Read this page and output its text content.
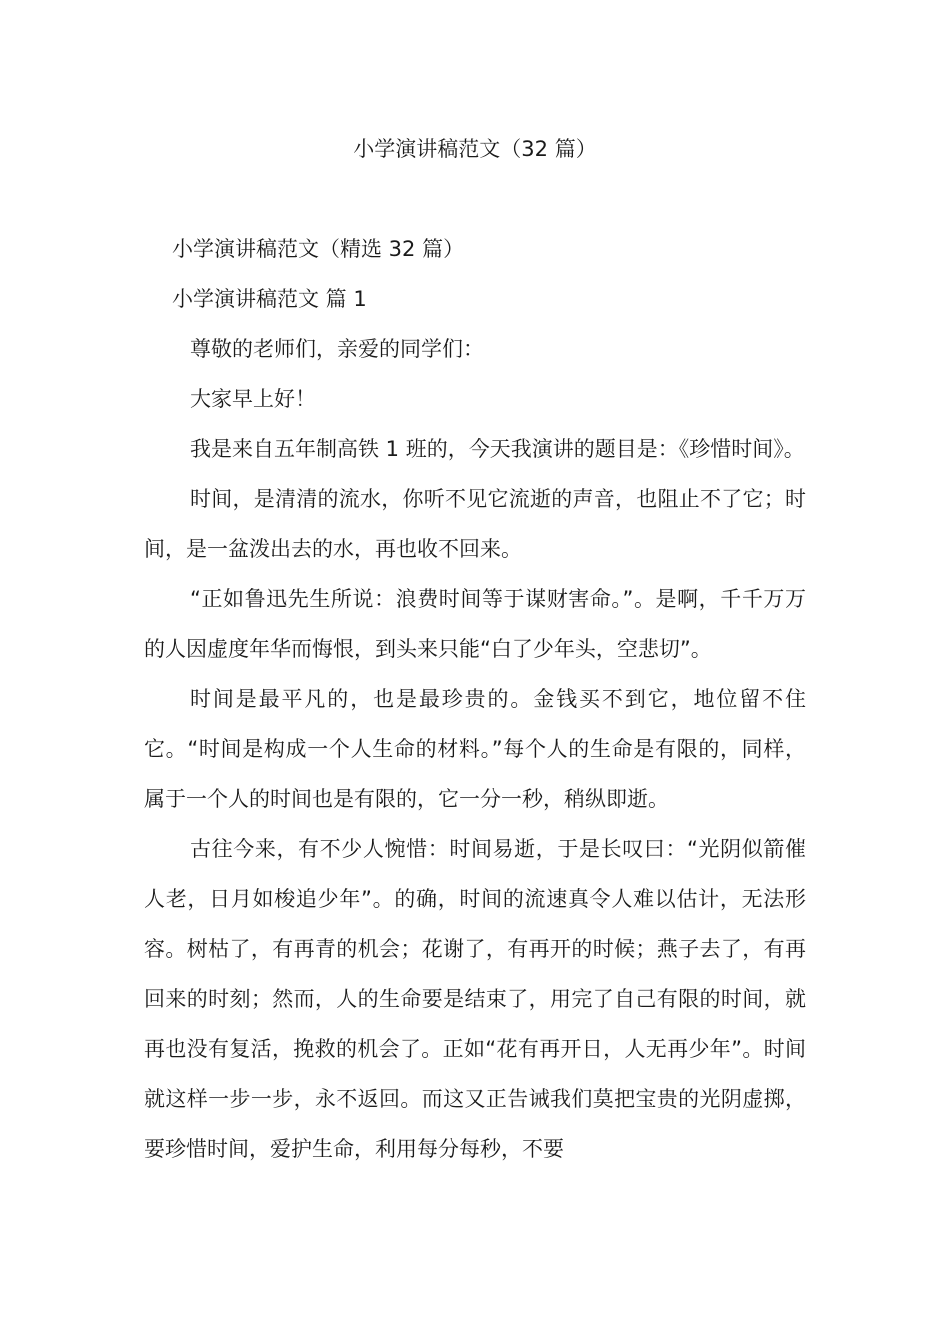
小学演讲稿范文（32 篇）

小学演讲稿范文（精选 32 篇）

小学演讲稿范文 篇 1

尊敬的老师们，亲爱的同学们：

大家早上好！

我是来自五年制高铁 1 班的，今天我演讲的题目是：《珍惜时间》。

时间，是清清的流水，你听不见它流逝的声音，也阻止不了它；时间，是一盆泼出去的水，再也收不回来。

“正如鲁迅先生所说：浪费时间等于谋财害命。”。是啊，千千万万的人因虚度年华而悔恨，到头来只能“白了少年头，空悲切”。

时间是最平凡的，也是最珍贵的。金钱买不到它，地位留不住它。“时间是构成一个人生命的材料。”每个人的生命是有限的，同样，属于一个人的时间也是有限的，它一分一秒，稍纵即逝。

古往今来，有不少人惋惜：时间易逝，于是长叹曰：“光阴似箭催人老，日月如梭追少年”。的确，时间的流速真令人难以估计，无法形容。树枯了，有再青的机会；花谢了，有再开的时候；燕子去了，有再回来的时刻；然而，人的生命要是结束了，用完了自己有限的时间，就再也没有复活，挽救的机会了。正如“花有再开日，人无再少年”。时间就这样一步一步，永不返回。而这又正告诫我们莫把宝贵的光阴虚掷，要珍惜时间，爱护生命，利用每分每秒，不要
